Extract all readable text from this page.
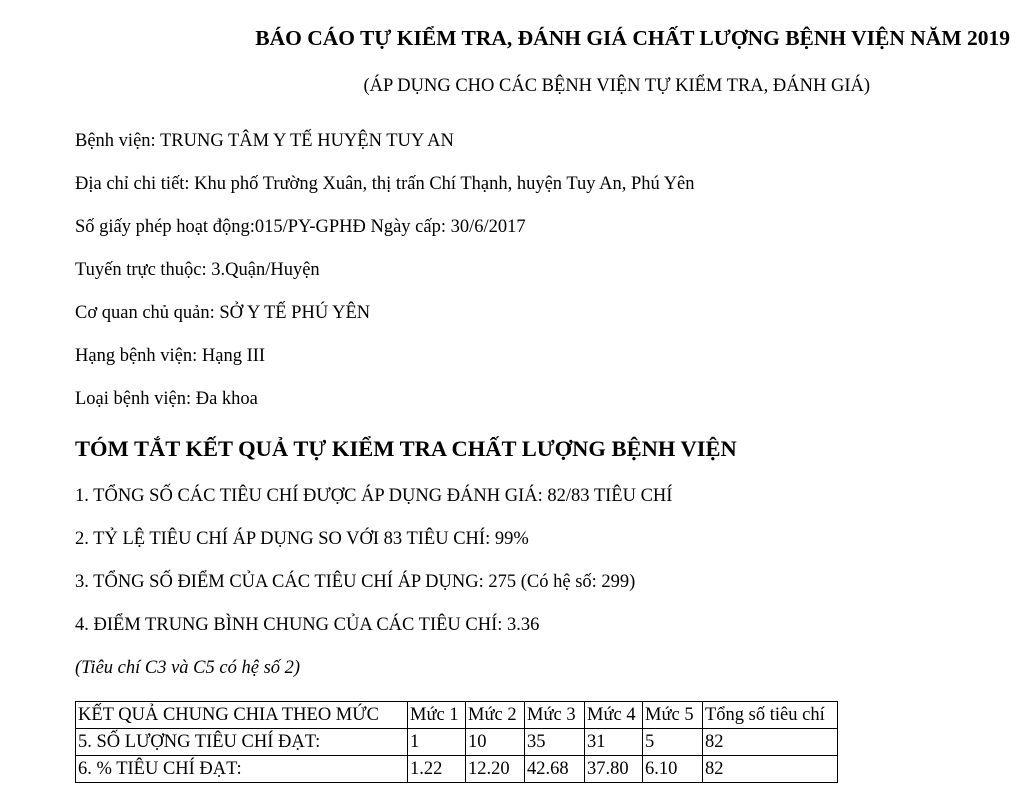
BÁO CÁO TỰ KIỂM TRA, ĐÁNH GIÁ CHẤT LƯỢNG BỆNH VIỆN NĂM 2019

(ÁP DỤNG CHO CÁC BỆNH VIỆN TỰ KIỂM TRA, ĐÁNH GIÁ)

Bệnh viện: TRUNG TÂM Y TẾ HUYỆN TUY AN

Địa chỉ chi tiết: Khu phố Trường Xuân, thị trấn Chí Thạnh, huyện Tuy An, Phú Yên

Số giấy phép hoạt động:015/PY-GPHĐ Ngày cấp: 30/6/2017

Tuyến trực thuộc: 3.Quận/Huyện

Cơ quan chủ quản: SỞ Y TẾ PHÚ YÊN

Hạng bệnh viện: Hạng III

Loại bệnh viện: Đa khoa

TÓM TẮT KẾT QUẢ TỰ KIỂM TRA CHẤT LƯỢNG BỆNH VIỆN

1. TỔNG SỐ CÁC TIÊU CHÍ ĐƯỢC ÁP DỤNG ĐÁNH GIÁ: 82/83 TIÊU CHÍ

2. TỶ LỆ TIÊU CHÍ ÁP DỤNG SO VỚI 83 TIÊU CHÍ: 99%

3. TỔNG SỐ ĐIỂM CỦA CÁC TIÊU CHÍ ÁP DỤNG: 275 (Có hệ số: 299)

4. ĐIỂM TRUNG BÌNH CHUNG CỦA CÁC TIÊU CHÍ: 3.36

(Tiêu chí C3 và C5 có hệ số 2)

KẾT QUẢ CHUNG CHIA THEO MỨC	Mức 1	Mức 2	Mức 3	Mức 4	Mức 5	Tổng số tiêu chí
5. SỐ LƯỢNG TIÊU CHÍ ĐẠT:	1	10	35	31	5	82
6. % TIÊU CHÍ ĐẠT:	1.22	12.20	42.68	37.80	6.10	82
